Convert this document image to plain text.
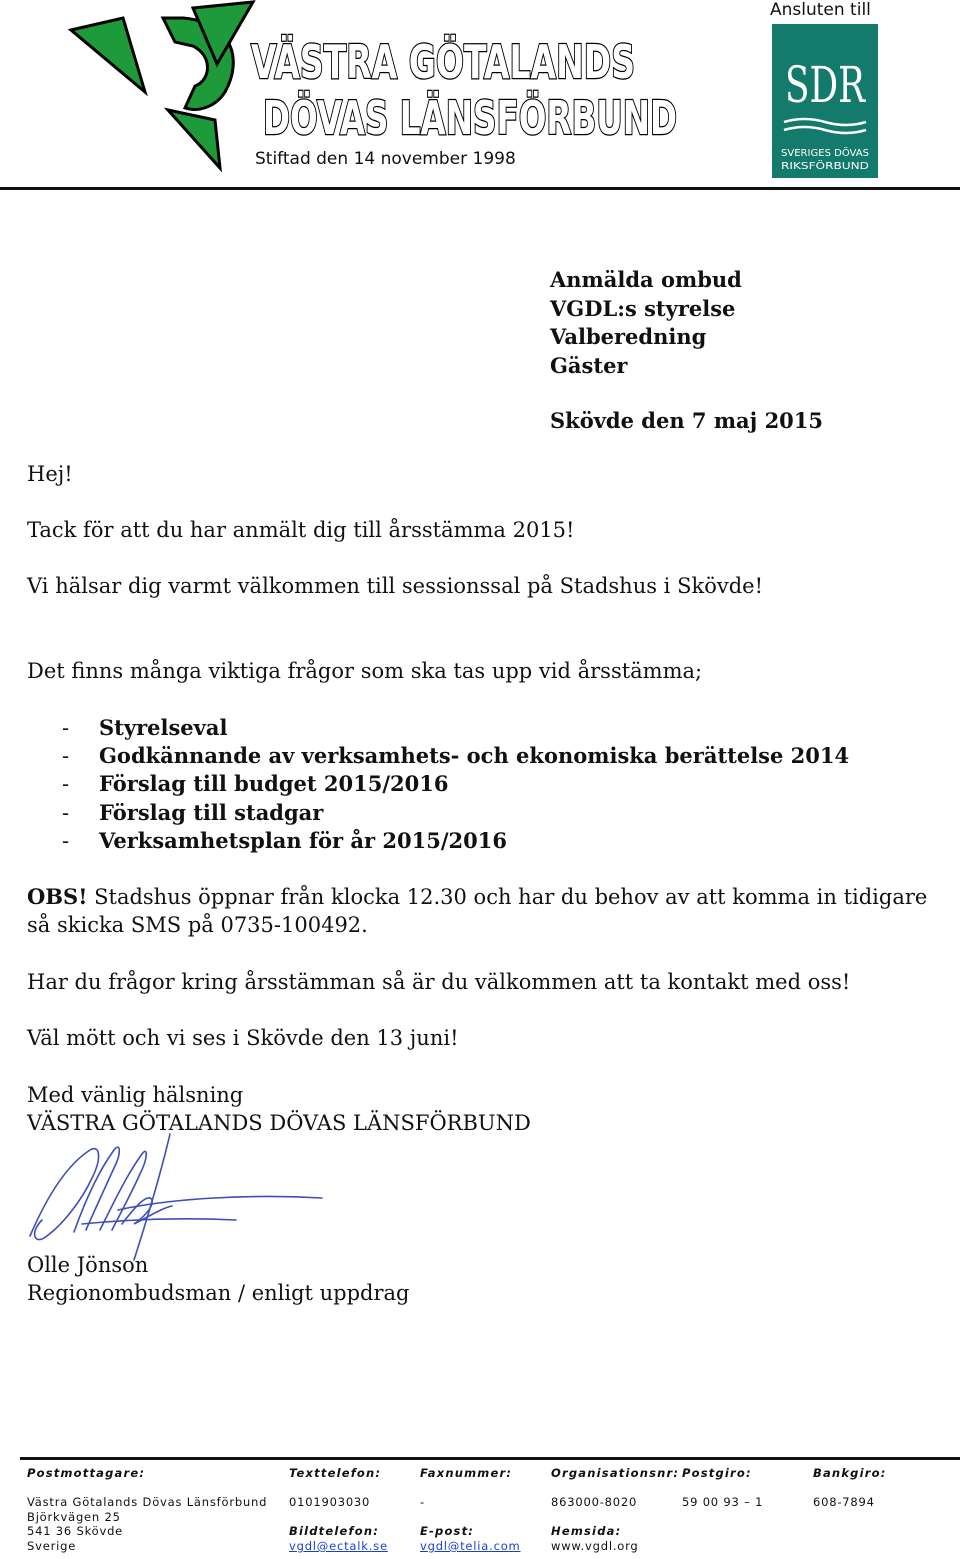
VÄSTRA GÖTALANDS
DÖVAS LÄNSFÖRBUND
Stiftad den 14 november 1998
Ansluten till
SDR
SVERIGES DÖVAS
RIKSFÖRBUND
Anmälda ombud
VGDL:s styrelse
Valberedning
Gäster
Skövde den 7 maj 2015
Hej!
Tack för att du har anmält dig till årsstämma 2015!
Vi hälsar dig varmt välkommen till sessionssal på Stadshus i Skövde!
Det finns många viktiga frågor som ska tas upp vid årsstämma;
- Styrelseval
- Godkännande av verksamhets- och ekonomiska berättelse 2014
- Förslag till budget 2015/2016
- Förslag till stadgar
- Verksamhetsplan för år 2015/2016
OBS! Stadshus öppnar från klocka 12.30 och har du behov av att komma in tidigare så skicka SMS på 0735-100492.
Har du frågor kring årsstämman så är du välkommen att ta kontakt med oss!
Väl mött och vi ses i Skövde den 13 juni!
Med vänlig hälsning
VÄSTRA GÖTALANDS DÖVAS LÄNSFÖRBUND
Olle Jönson
Regionombudsman / enligt uppdrag
Postmottagare:	Texttelefon:	Faxnummer:	Organisationsnr: Postgiro:	Bankgiro:
Västra Götalands Dövas Länsförbund
Björkvägen 25
541 36 Skövde
Sverige
0101903030	-	863000-8020	59 00 93 – 1	608-7894
Bildtelefon:	E-post:	Hemsida:
vgdl@ectalk.se	vgdl@telia.com	www.vgdl.org
